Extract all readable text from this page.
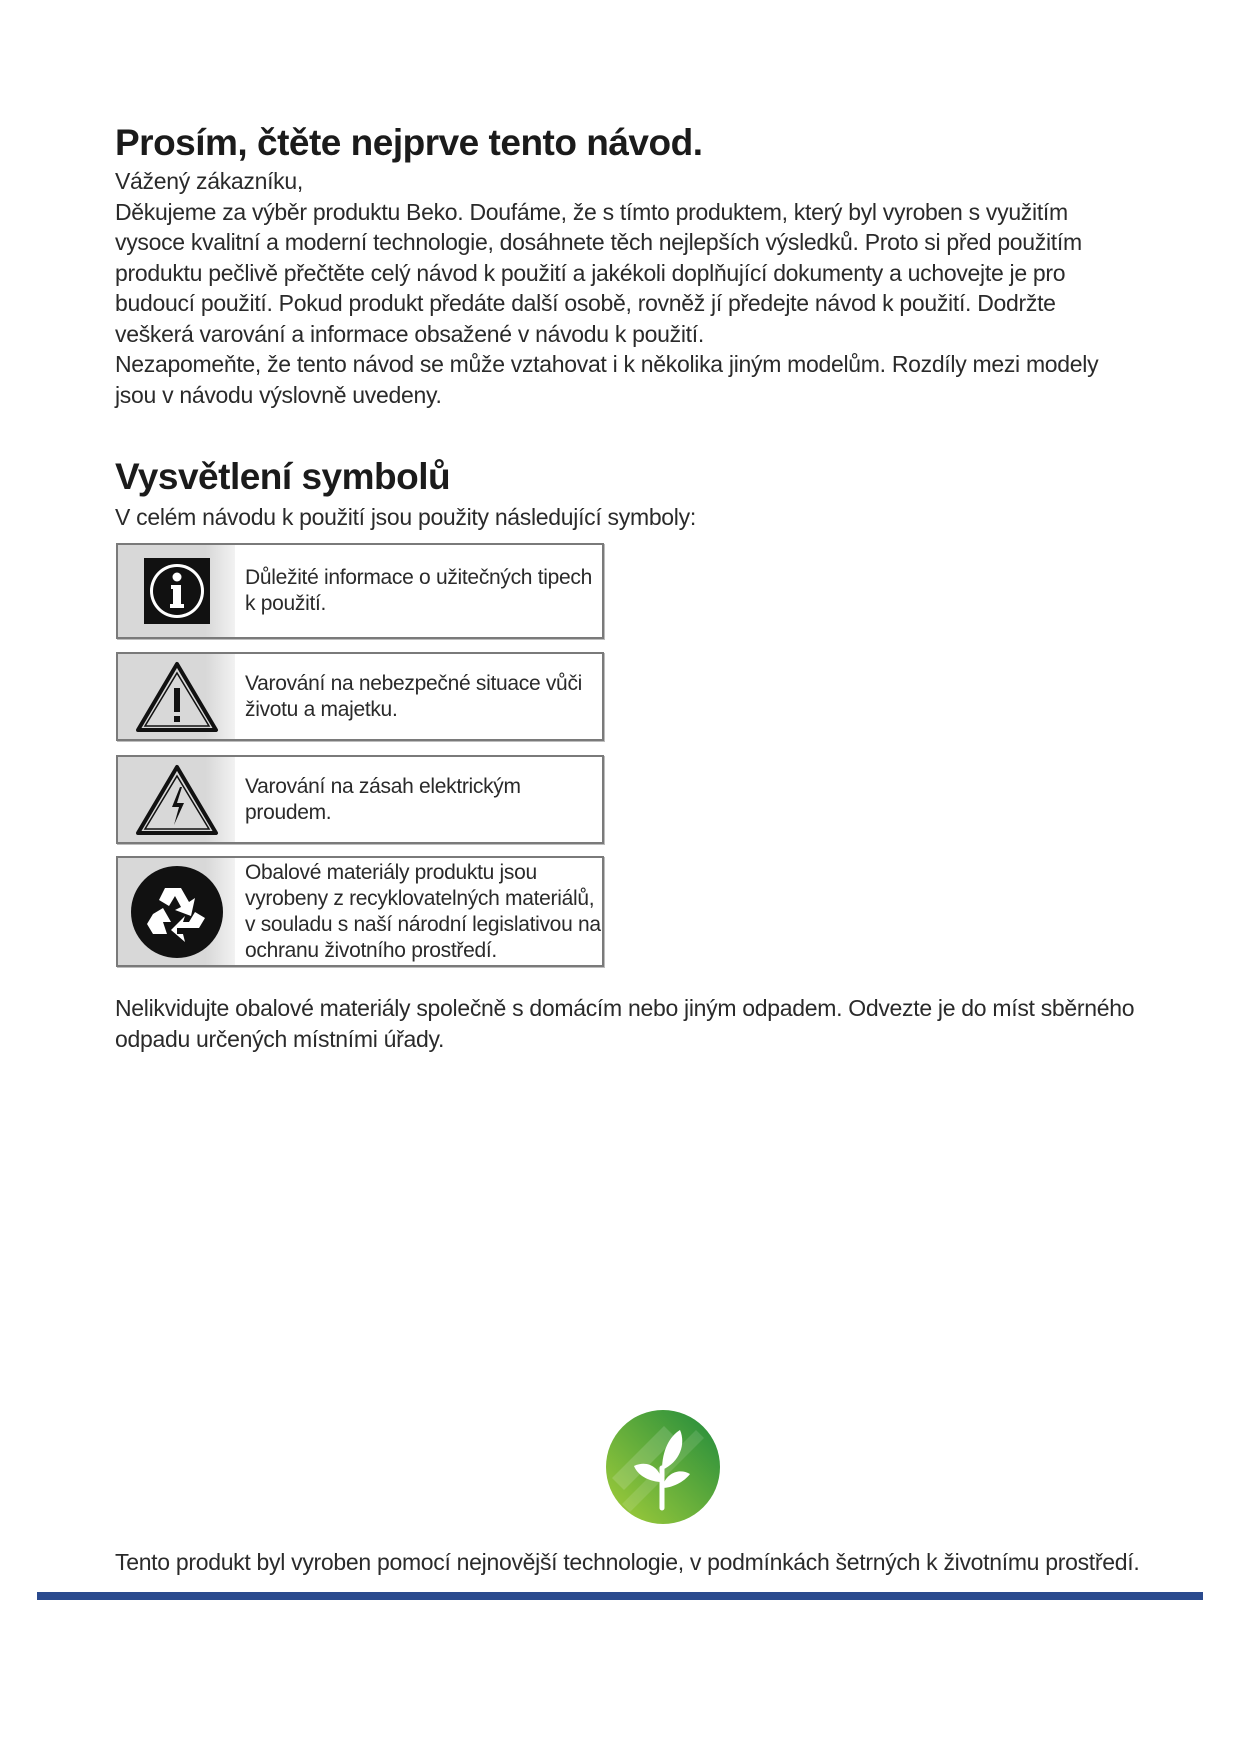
Prosím, čtěte nejprve tento návod.

Vážený zákazníku,

Děkujeme za výběr produktu Beko. Doufáme, že s tímto produktem, který byl vyroben s využitím vysoce kvalitní a moderní technologie, dosáhnete těch nejlepších výsledků. Proto si před použitím produktu pečlivě přečtěte celý návod k použití a jakékoli doplňující dokumenty a uchovejte je pro budoucí použití. Pokud produkt předáte další osobě, rovněž jí předejte návod k použití. Dodržte veškerá varování a informace obsažené v návodu k použití.

Nezapomeňte, že tento návod se může vztahovat i k několika jiným modelům. Rozdíly mezi modely jsou v návodu výslovně uvedeny.

Vysvětlení symbolů

V celém návodu k použití jsou použity následující symboly:

Důležité informace o užitečných tipech k použití.
Varování na nebezpečné situace vůči životu a majetku.
Varování na zásah elektrickým proudem.
Obalové materiály produktu jsou vyrobeny z recyklovatelných materiálů, v souladu s naší národní legislativou na ochranu životního prostředí.

Nelikvidujte obalové materiály společně s domácím nebo jiným odpadem. Odvezte je do míst sběrného odpadu určených místními úřady.

Tento produkt byl vyroben pomocí nejnovější technologie, v podmínkách šetrných k životnímu prostředí.
